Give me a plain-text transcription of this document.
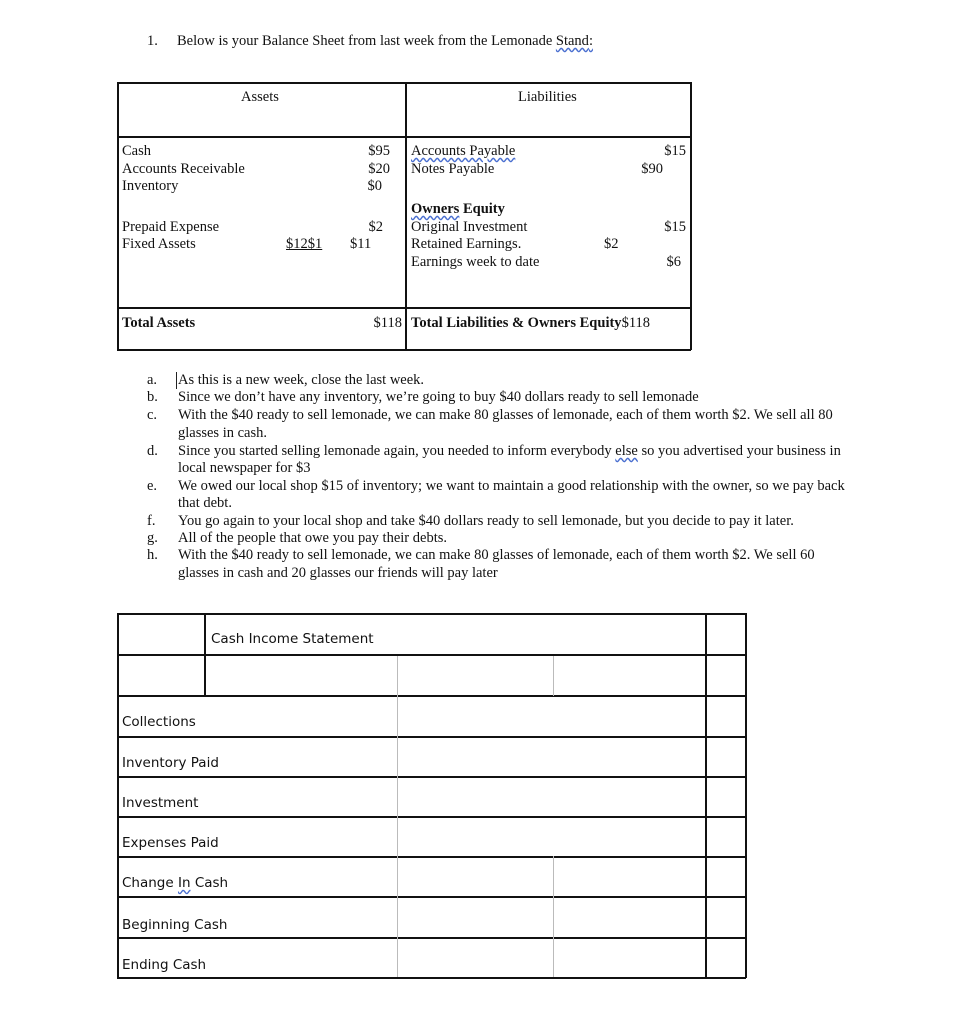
1. Below is your Balance Sheet from last week from the Lemonade Stand:
Assets	Liabilities
Cash
Accounts Receivable
Inventory
Prepaid Expense
Fixed Assets
$95
$20
$0
$2
$12$1 $11
Accounts Payable
Notes Payable
$15
$90
Owners Equity
Original Investment
Retained Earnings.
Earnings week to date
$15
$2
$6
Total Assets	$118 Total Liabilities & Owners Equity$118
a. As this is a new week, close the last week.
b. Since we don’t have any inventory, we’re going to buy $40 dollars ready to sell lemonade
c. With the $40 ready to sell lemonade, we can make 80 glasses of lemonade, each of them worth $2. We sell all 80
glasses in cash.
d. Since you started selling lemonade again, you needed to inform everybody else so you advertised your business in
local newspaper for $3
e. We owed our local shop $15 of inventory; we want to maintain a good relationship with the owner, so we pay back
that debt.
f. You go again to your local shop and take $40 dollars ready to sell lemonade, but you decide to pay it later.
g. All of the people that owe you pay their debts.
h. With the $40 ready to sell lemonade, we can make 80 glasses of lemonade, each of them worth $2. We sell 60
glasses in cash and 20 glasses our friends will pay later
Cash Income Statement
Collections
Inventory Paid
Investment
Expenses Paid
Change In Cash
Beginning Cash
Ending Cash
